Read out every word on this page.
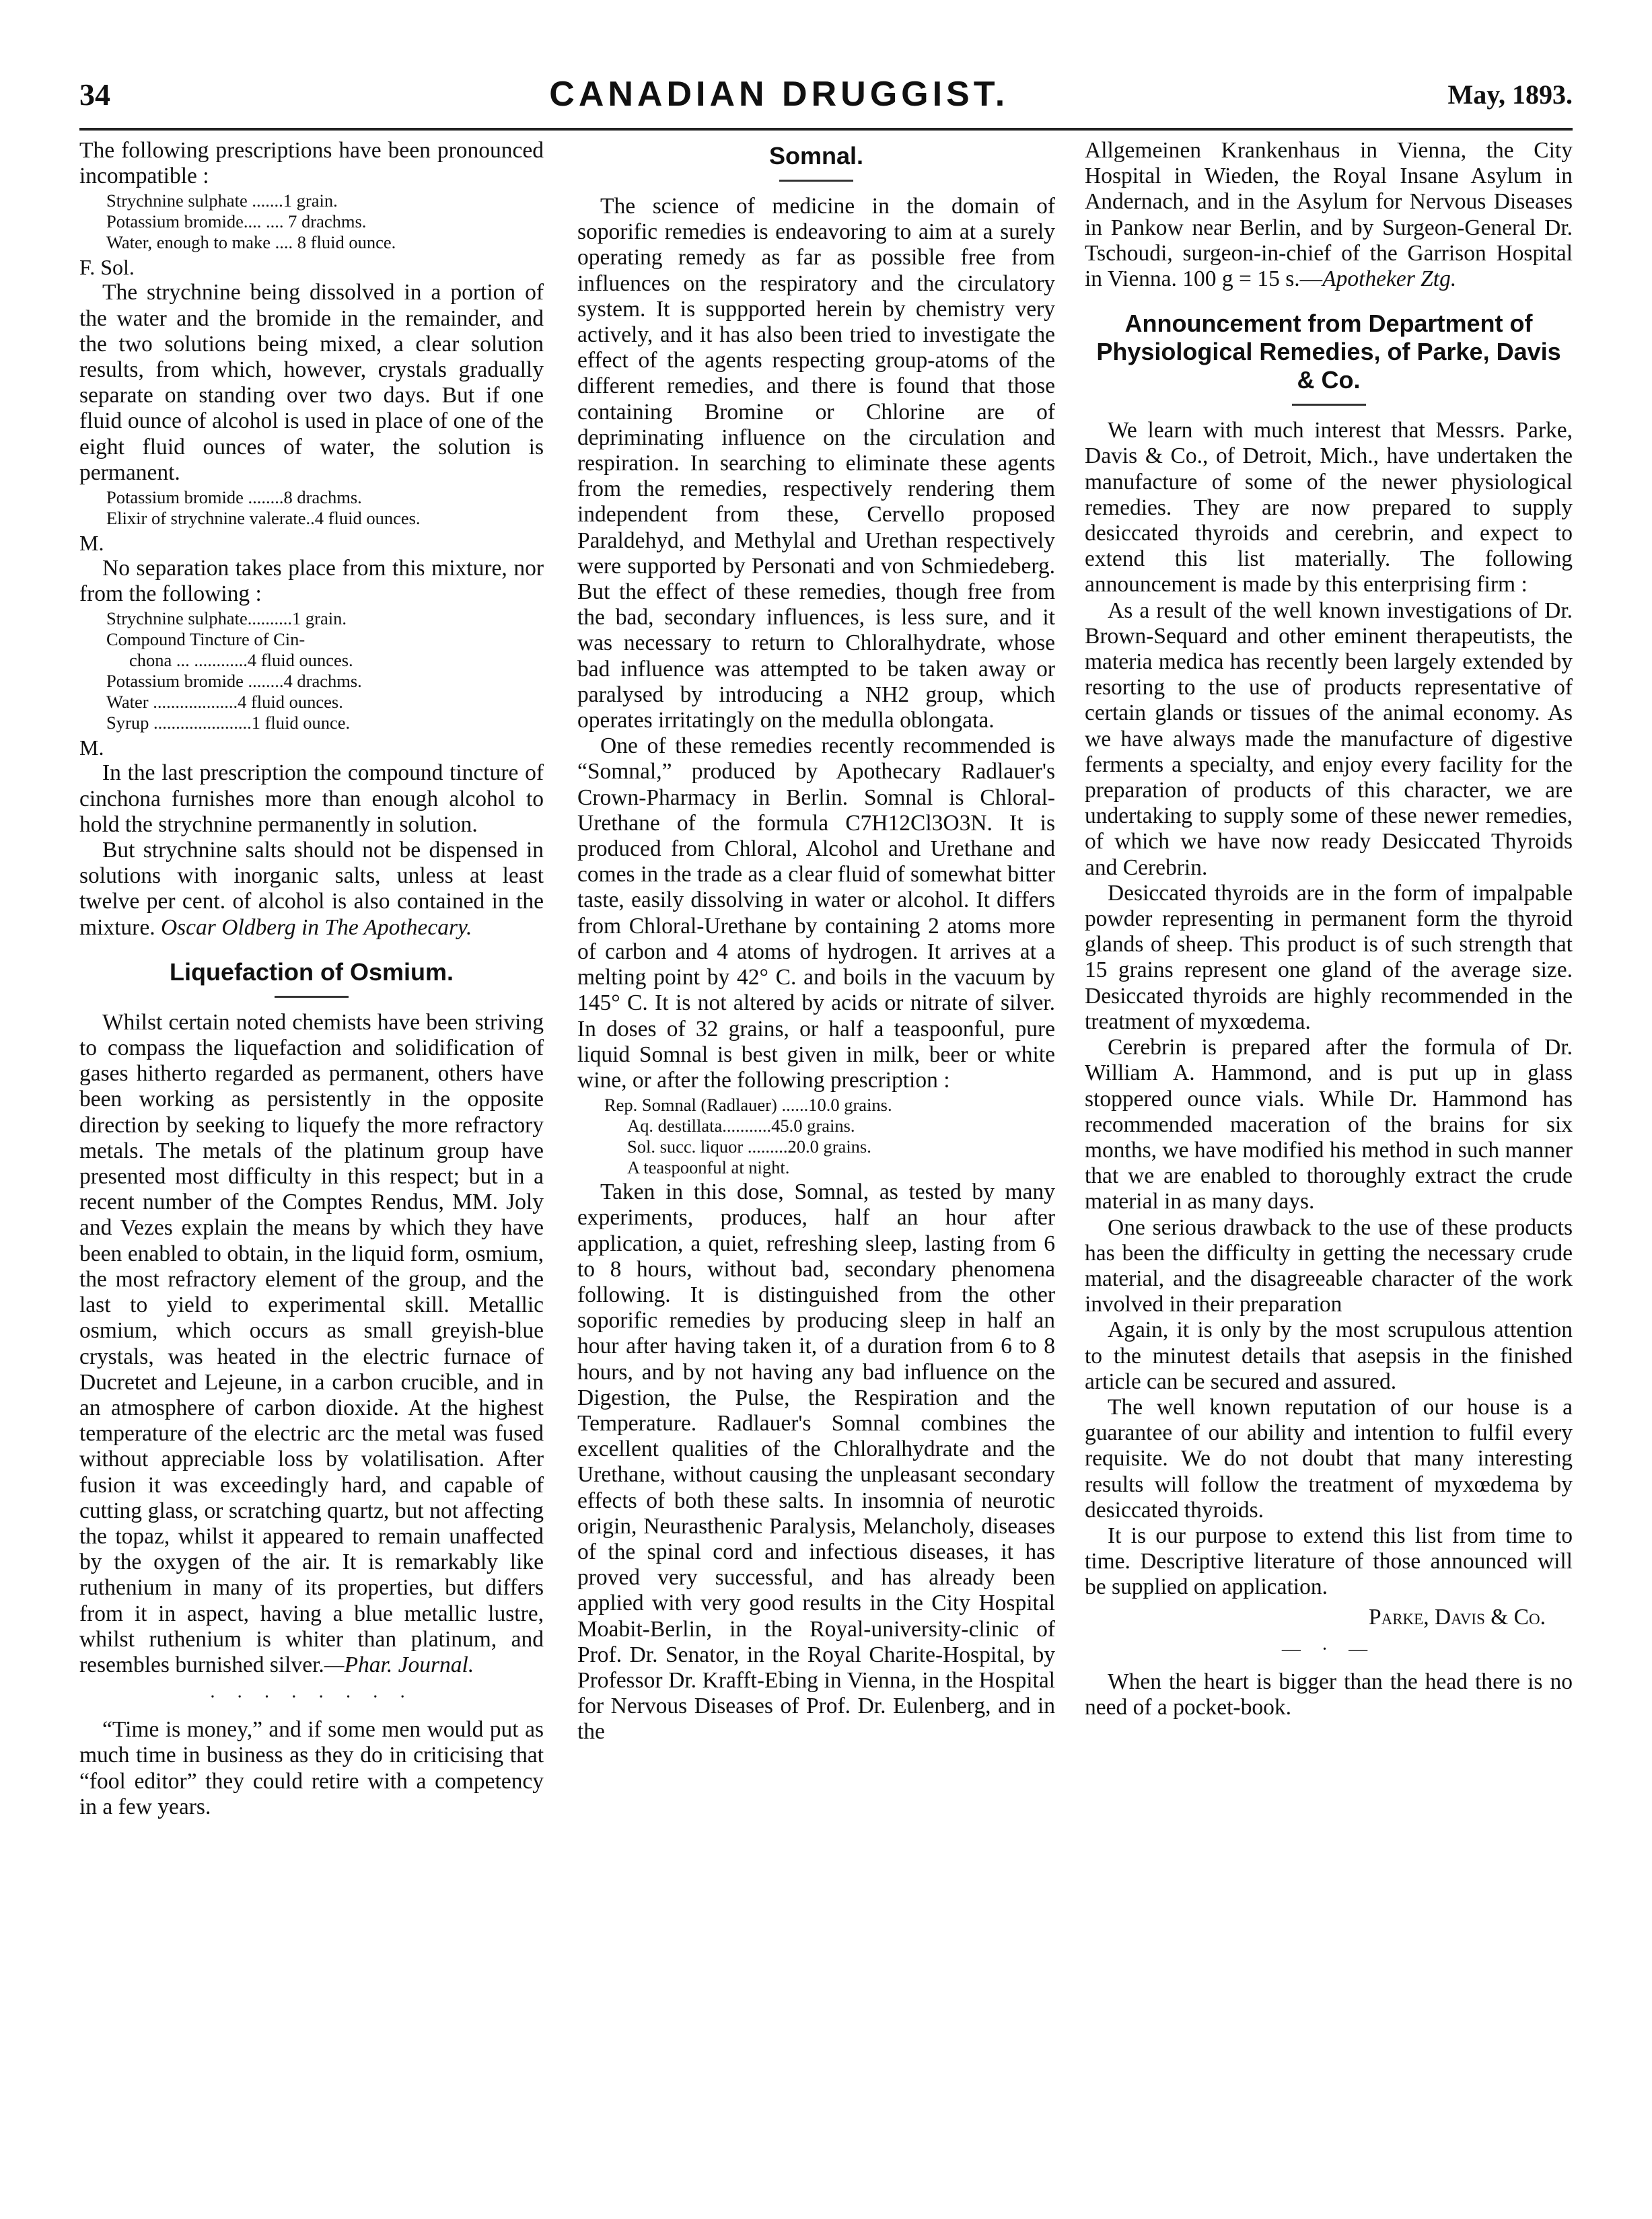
34	CANADIAN DRUGGIST.	May, 1893.

The following prescriptions have been pronounced incompatible :

Strychnine sulphate .......1 grain.
Potassium bromide.... .... 7 drachms.
Water, enough to make .... 8 fluid ounce.

F. Sol.

The strychnine being dissolved in a portion of the water and the bromide in the remainder, and the two solutions being mixed, a clear solution results, from which, however, crystals gradually separate on standing over two days. But if one fluid ounce of alcohol is used in place of one of the eight fluid ounces of water, the solution is permanent.

Potassium bromide ........8 drachms.
Elixir of strychnine valerate..4 fluid ounces.

M.

No separation takes place from this mixture, nor from the following :

Strychnine sulphate..........1 grain.
Compound Tincture of Cin-
chona ... ............4 fluid ounces.
Potassium bromide ........4 drachms.
Water ...................4 fluid ounces.
Syrup ......................1 fluid ounce.

M.

In the last prescription the compound tincture of cinchona furnishes more than enough alcohol to hold the strychnine permanently in solution.

But strychnine salts should not be dispensed in solutions with inorganic salts, unless at least twelve per cent. of alcohol is also contained in the mixture. Oscar Oldberg in The Apothecary.

Liquefaction of Osmium.

Whilst certain noted chemists have been striving to compass the liquefaction and solidification of gases hitherto regarded as permanent, others have been working as persistently in the opposite direction by seeking to liquefy the more refractory metals. The metals of the platinum group have presented most difficulty in this respect; but in a recent number of the Comptes Rendus, MM. Joly and Vezes explain the means by which they have been enabled to obtain, in the liquid form, osmium, the most refractory element of the group, and the last to yield to experimental skill. Metallic osmium, which occurs as small greyish-blue crystals, was heated in the electric furnace of Ducretet and Lejeune, in a carbon crucible, and in an atmosphere of carbon dioxide. At the highest temperature of the electric arc the metal was fused without appreciable loss by volatilisation. After fusion it was exceedingly hard, and capable of cutting glass, or scratching quartz, but not affecting the topaz, whilst it appeared to remain unaffected by the oxygen of the air. It is remarkably like ruthenium in many of its properties, but differs from it in aspect, having a blue metallic lustre, whilst ruthenium is whiter than platinum, and resembles burnished silver.—Phar. Journal.

· · · · · · · ·

“Time is money,” and if some men would put as much time in business as they do in criticising that “fool editor” they could retire with a competency in a few years.

Somnal.

The science of medicine in the domain of soporific remedies is endeavoring to aim at a surely operating remedy as far as possible free from influences on the respiratory and the circulatory system. It is suppported herein by chemistry very actively, and it has also been tried to investigate the effect of the agents respecting group-atoms of the different remedies, and there is found that those containing Bromine or Chlorine are of depriminating influence on the circulation and respiration. In searching to eliminate these agents from the remedies, respectively rendering them independent from these, Cervello proposed Paraldehyd, and Methylal and Urethan respectively were supported by Personati and von Schmiedeberg. But the effect of these remedies, though free from the bad, secondary influences, is less sure, and it was necessary to return to Chloralhydrate, whose bad influence was attempted to be taken away or paralysed by introducing a NH2 group, which operates irritatingly on the medulla oblongata.

One of these remedies recently recommended is “Somnal,” produced by Apothecary Radlauer's Crown-Pharmacy in Berlin. Somnal is Chloral-Urethane of the formula C7H12Cl3O3N. It is produced from Chloral, Alcohol and Urethane and comes in the trade as a clear fluid of somewhat bitter taste, easily dissolving in water or alcohol. It differs from Chloral-Urethane by containing 2 atoms more of carbon and 4 atoms of hydrogen. It arrives at a melting point by 42° C. and boils in the vacuum by 145° C. It is not altered by acids or nitrate of silver. In doses of 32 grains, or half a teaspoonful, pure liquid Somnal is best given in milk, beer or white wine, or after the following prescription :

Rep. Somnal (Radlauer) ......10.0 grains.
Aq. destillata...........45.0 grains.
Sol. succ. liquor .........20.0 grains.
A teaspoonful at night.

Taken in this dose, Somnal, as tested by many experiments, produces, half an hour after application, a quiet, refreshing sleep, lasting from 6 to 8 hours, without bad, secondary phenomena following. It is distinguished from the other soporific remedies by producing sleep in half an hour after having taken it, of a duration from 6 to 8 hours, and by not having any bad influence on the Digestion, the Pulse, the Respiration and the Temperature. Radlauer's Somnal combines the excellent qualities of the Chloralhydrate and the Urethane, without causing the unpleasant secondary effects of both these salts. In insomnia of neurotic origin, Neurasthenic Paralysis, Melancholy, diseases of the spinal cord and infectious diseases, it has proved very successful, and has already been applied with very good results in the City Hospital Moabit-Berlin, in the Royal-university-clinic of Prof. Dr. Senator, in the Royal Charite-Hospital, by Professor Dr. Krafft-Ebing in Vienna, in the Hospital for Nervous Diseases of Prof. Dr. Eulenberg, and in the

Allgemeinen Krankenhaus in Vienna, the City Hospital in Wieden, the Royal Insane Asylum in Andernach, and in the Asylum for Nervous Diseases in Pankow near Berlin, and by Surgeon-General Dr. Tschoudi, surgeon-in-chief of the Garrison Hospital in Vienna. 100 g = 15 s.—Apotheker Ztg.

Announcement from Department of Physiological Remedies, of Parke, Davis & Co.

We learn with much interest that Messrs. Parke, Davis & Co., of Detroit, Mich., have undertaken the manufacture of some of the newer physiological remedies. They are now prepared to supply desiccated thyroids and cerebrin, and expect to extend this list materially. The following announcement is made by this enterprising firm :

As a result of the well known investigations of Dr. Brown-Sequard and other eminent therapeutists, the materia medica has recently been largely extended by resorting to the use of products representative of certain glands or tissues of the animal economy. As we have always made the manufacture of digestive ferments a specialty, and enjoy every facility for the preparation of products of this character, we are undertaking to supply some of these newer remedies, of which we have now ready Desiccated Thyroids and Cerebrin.

Desiccated thyroids are in the form of impalpable powder representing in permanent form the thyroid glands of sheep. This product is of such strength that 15 grains represent one gland of the average size. Desiccated thyroids are highly recommended in the treatment of myxœdema.

Cerebrin is prepared after the formula of Dr. William A. Hammond, and is put up in glass stoppered ounce vials. While Dr. Hammond has recommended maceration of the brains for six months, we have modified his method in such manner that we are enabled to thoroughly extract the crude material in as many days.

One serious drawback to the use of these products has been the difficulty in getting the necessary crude material, and the disagreeable character of the work involved in their preparation

Again, it is only by the most scrupulous attention to the minutest details that asepsis in the finished article can be secured and assured.

The well known reputation of our house is a guarantee of our ability and intention to fulfil every requisite. We do not doubt that many interesting results will follow the treatment of myxœdema by desiccated thyroids.

It is our purpose to extend this list from time to time. Descriptive literature of those announced will be supplied on application.

Parke, Davis & Co.

— · —

When the heart is bigger than the head there is no need of a pocket-book.
